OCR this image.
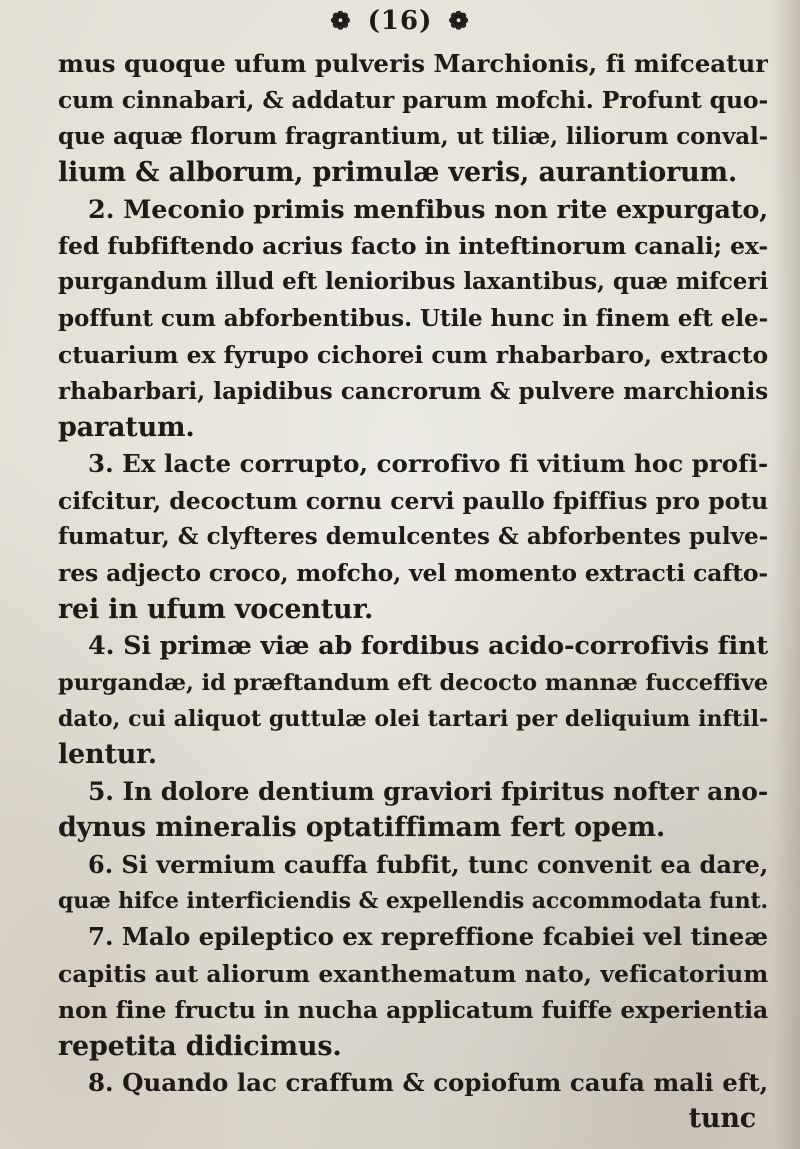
❁ (16) ❁
mus quoque ufum pulveris Marchionis, fi mifceatur
cum cinnabari, & addatur parum mofchi. Profunt quo-
que aquæ florum fragrantium, ut tiliæ, liliorum conval-
lium & alborum, primulæ veris, aurantiorum.
2. Meconio primis menfibus non rite expurgato,
fed fubfiftendo acrius facto in inteftinorum canali; ex-
purgandum illud eft lenioribus laxantibus, quæ mifceri
poffunt cum abforbentibus. Utile hunc in finem eft ele-
ctuarium ex fyrupo cichorei cum rhabarbaro, extracto
rhabarbari, lapidibus cancrorum & pulvere marchionis
paratum.
3. Ex lacte corrupto, corrofivo fi vitium hoc profi-
cifcitur, decoctum cornu cervi paullo fpiffius pro potu
fumatur, & clyfteres demulcentes & abforbentes pulve-
res adjecto croco, mofcho, vel momento extracti cafto-
rei in ufum vocentur.
4. Si primæ viæ ab fordibus acido-corrofivis fint
purgandæ, id præftandum eft decocto mannæ fucceffive
dato, cui aliquot guttulæ olei tartari per deliquium inftil-
lentur.
5. In dolore dentium graviori fpiritus nofter ano-
dynus mineralis optatiffimam fert opem.
6. Si vermium cauffa fubfit, tunc convenit ea dare,
quæ hifce interficiendis & expellendis accommodata funt.
7. Malo epileptico ex repreffione fcabiei vel tineæ
capitis aut aliorum exanthematum nato, veficatorium
non fine fructu in nucha applicatum fuiffe experientia
repetita didicimus.
8. Quando lac craffum & copiofum caufa mali eft,
tunc
